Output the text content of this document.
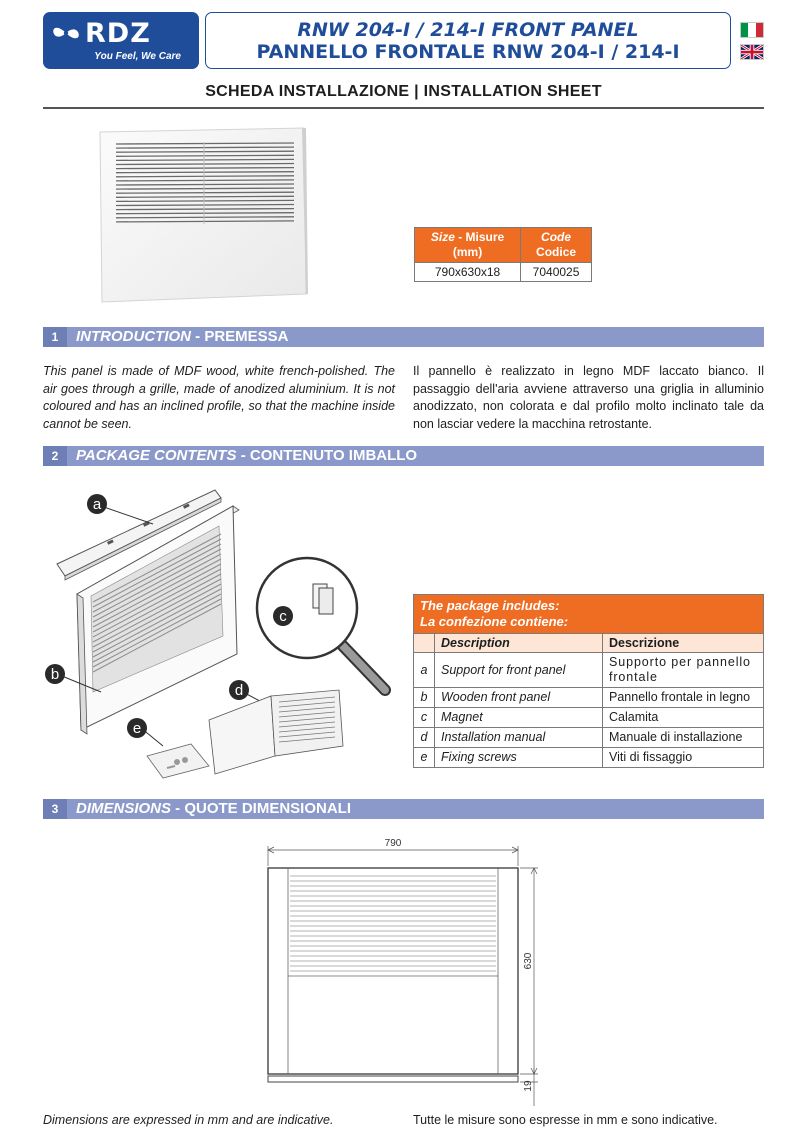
RDZ
You Feel, We Care
RNW 204-I / 214-I FRONT PANEL
PANNELLO FRONTALE RNW 204-I / 214-I
SCHEDA INSTALLAZIONE | INSTALLATION SHEET
Size - Misure
(mm)	Code
Codice
790x630x18	7040025
1	INTRODUCTION - PREMESSA
This panel is made of MDF wood, white french-polished. The air goes through a grille, made of anodized aluminium. It is not coloured and has an inclined profile, so that the machine inside cannot be seen.
Il pannello è realizzato in legno MDF laccato bianco. Il passaggio dell'aria avviene attraverso una griglia in alluminio anodizzato, non colorata e dal profilo molto inclinato tale da non lasciar vedere la macchina retrostante.
2	PACKAGE CONTENTS - CONTENUTO IMBALLO
a
b
c
d
e
The package includes:
La confezione contiene:		
	Description	Descrizione
a	Support for front panel	Supporto per pannello frontale
b	Wooden front panel	Pannello frontale in legno
c	Magnet	Calamita
d	Installation manual	Manuale di installazione
e	Fixing screws	Viti di fissaggio
3	DIMENSIONS - QUOTE DIMENSIONALI
790
630
19
Dimensions are expressed in mm and are indicative.	Tutte le misure sono espresse in mm e sono indicative.
